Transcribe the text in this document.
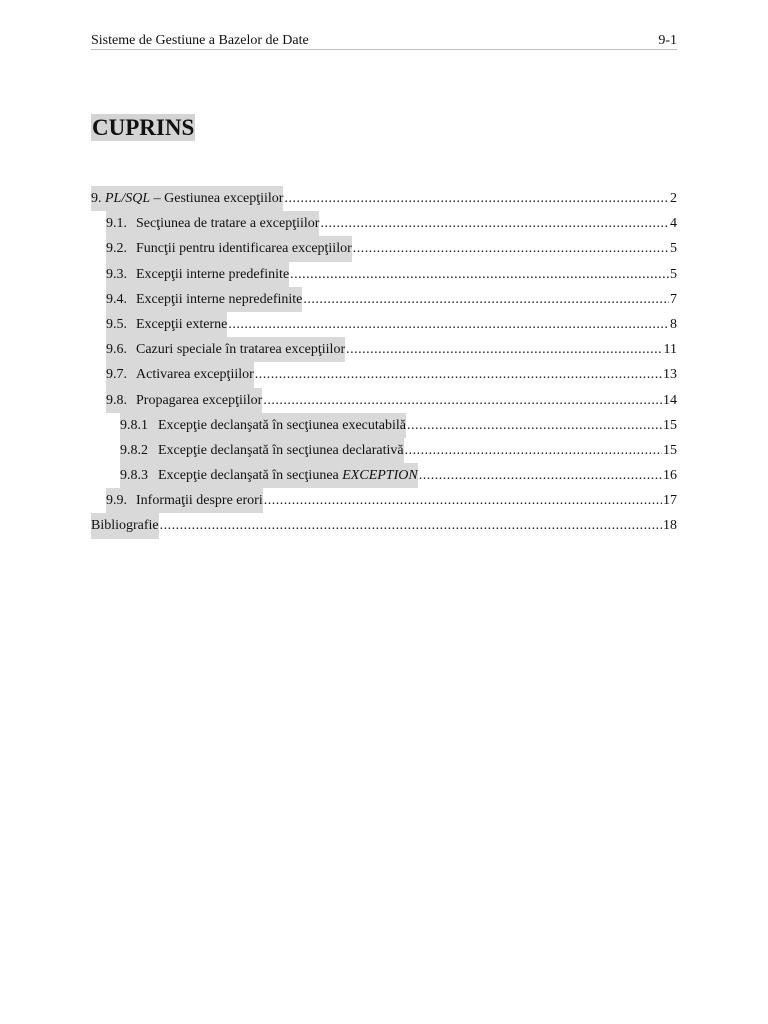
Sisteme de Gestiune a Bazelor de Date	9-1
CUPRINS
9. PL/SQL – Gestiunea excepţiilor .....	2
9.1. Secţiunea de tratare a excepţiilor .....	4
9.2. Funcţii pentru identificarea excepţiilor .....	5
9.3. Excepţii interne predefinite .....	5
9.4. Excepţii interne nepredefinite .....	7
9.5. Excepţii externe .....	8
9.6. Cazuri speciale în tratarea excepţiilor .....	11
9.7. Activarea excepţiilor .....	13
9.8. Propagarea excepţiilor .....	14
9.8.1 Excepţie declanşată în secţiunea executabilă .....	15
9.8.2 Excepţie declanşată în secţiunea declarativă .....	15
9.8.3 Excepţie declanşată în secţiunea EXCEPTION .....	16
9.9. Informaţii despre erori .....	17
Bibliografie .....	18
